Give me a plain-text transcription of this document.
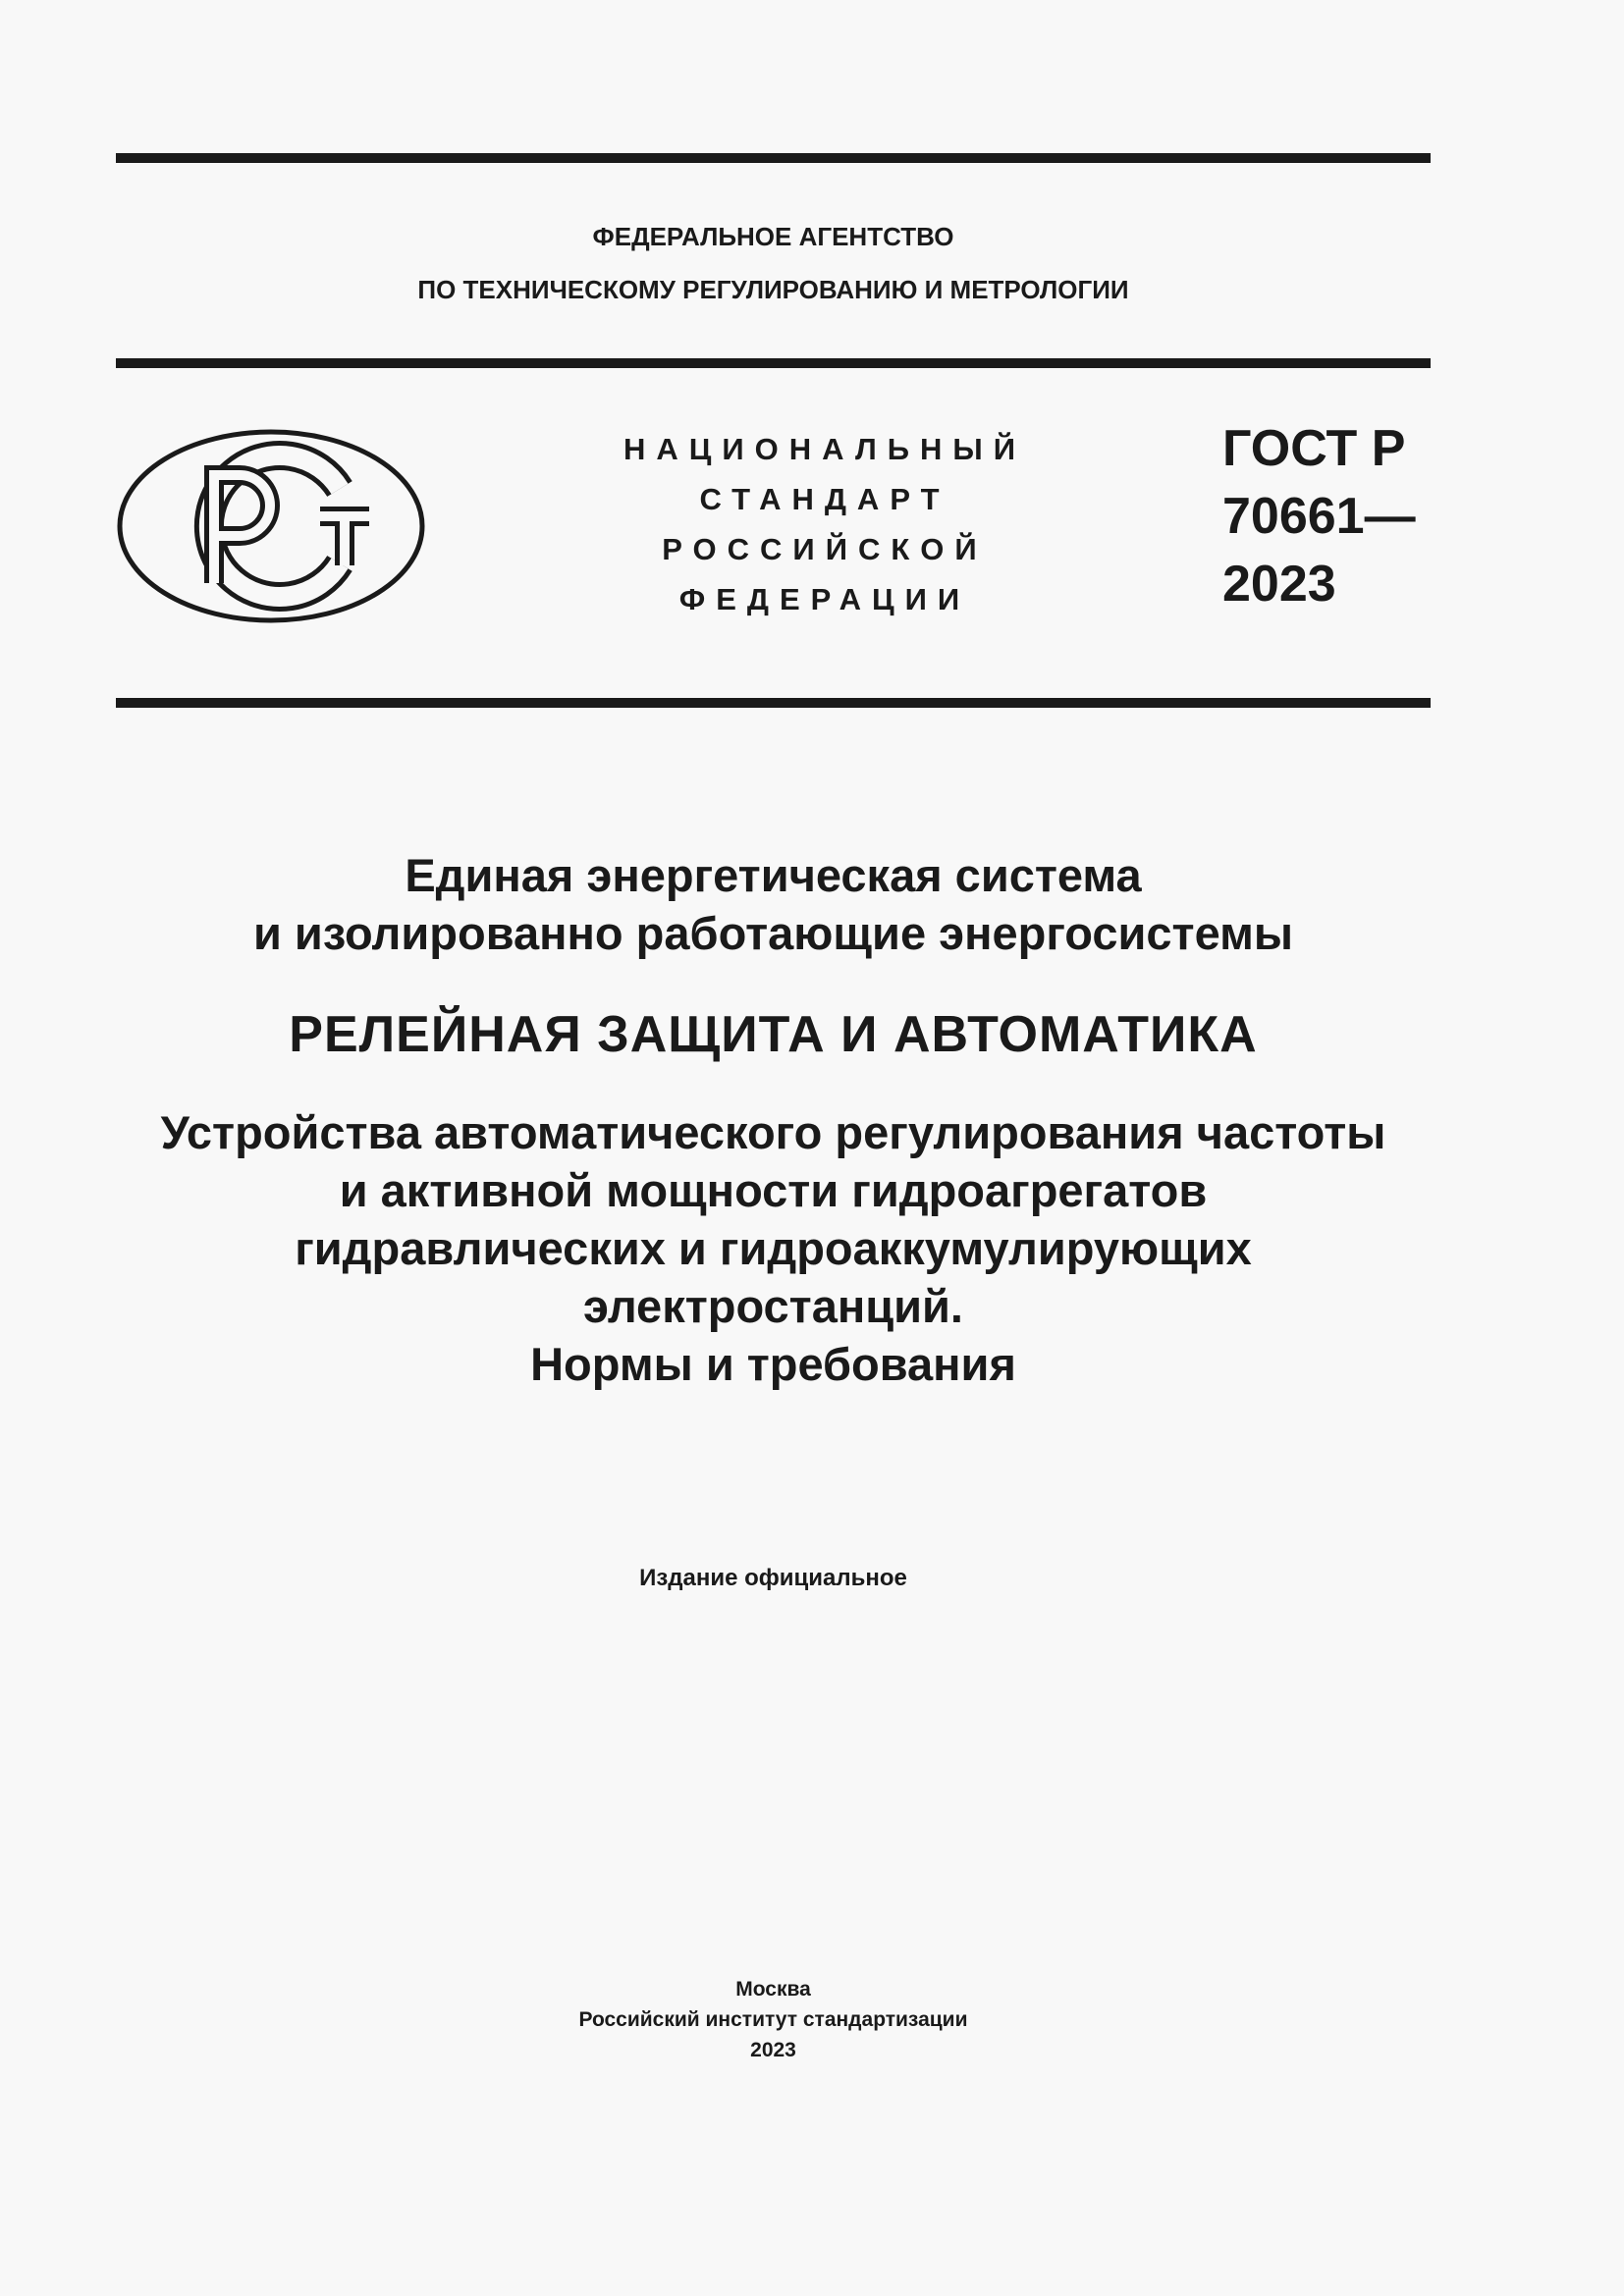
ФЕДЕРАЛЬНОЕ АГЕНТСТВО
ПО ТЕХНИЧЕСКОМУ РЕГУЛИРОВАНИЮ И МЕТРОЛОГИИ
НАЦИОНАЛЬНЫЙ
СТАНДАРТ
РОССИЙСКОЙ
ФЕДЕРАЦИИ
ГОСТ Р
70661—
2023
Единая энергетическая система
и изолированно работающие энергосистемы
РЕЛЕЙНАЯ ЗАЩИТА И АВТОМАТИКА
Устройства автоматического регулирования частоты
и активной мощности гидроагрегатов
гидравлических и гидроаккумулирующих
электростанций.
Нормы и требования
Издание официальное
Москва
Российский институт стандартизации
2023
